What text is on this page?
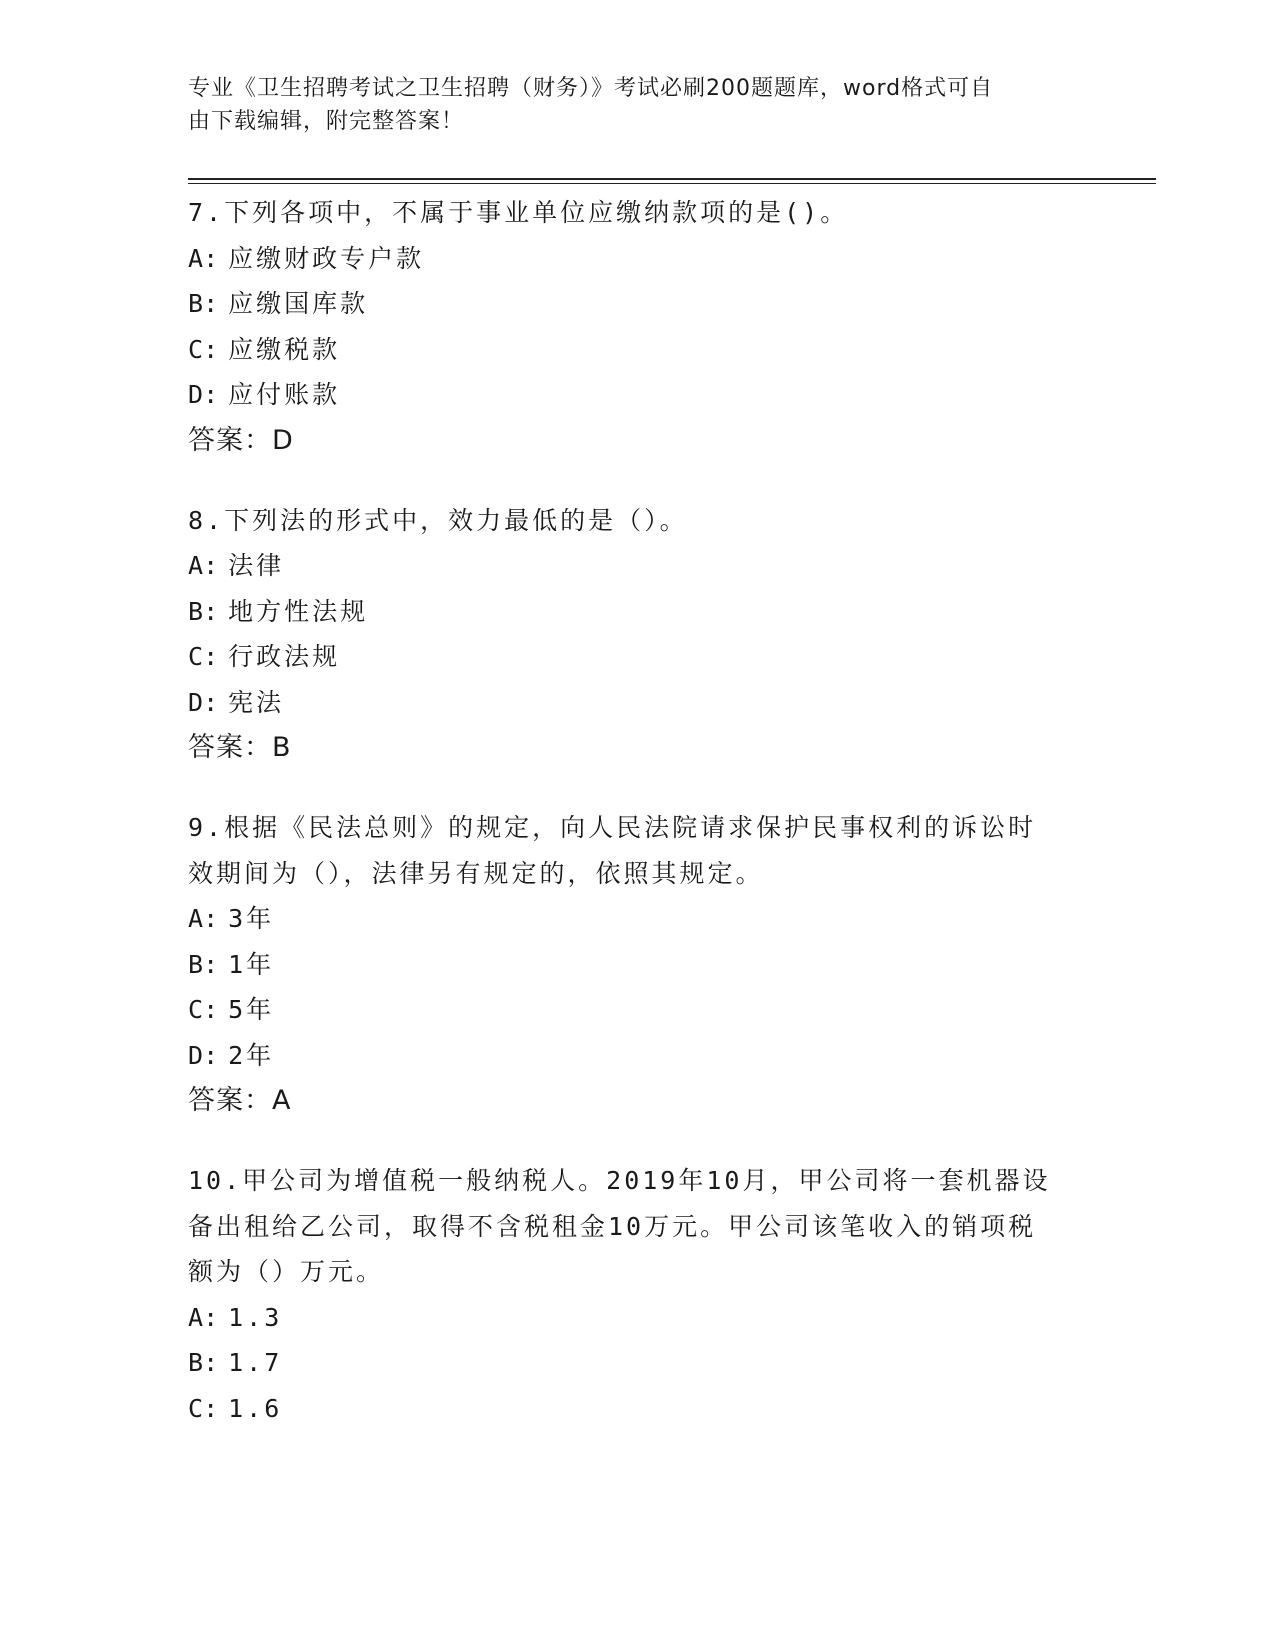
专业《卫生招聘考试之卫生招聘（财务）》考试必刷200题题库，word格式可自
由下载编辑，附完整答案！
7.下列各项中，不属于事业单位应缴纳款项的是()。
A: 应缴财政专户款
B: 应缴国库款
C: 应缴税款
D: 应付账款
答案：D
8.下列法的形式中，效力最低的是（）。
A: 法律
B: 地方性法规
C: 行政法规
D: 宪法
答案：B
9.根据《民法总则》的规定，向人民法院请求保护民事权利的诉讼时
效期间为（），法律另有规定的，依照其规定。
A: 3年
B: 1年
C: 5年
D: 2年
答案：A
10.甲公司为增值税一般纳税人。2019年10月，甲公司将一套机器设
备出租给乙公司，取得不含税租金10万元。甲公司该笔收入的销项税
额为（）万元。
A: 1.3
B: 1.7
C: 1.6
